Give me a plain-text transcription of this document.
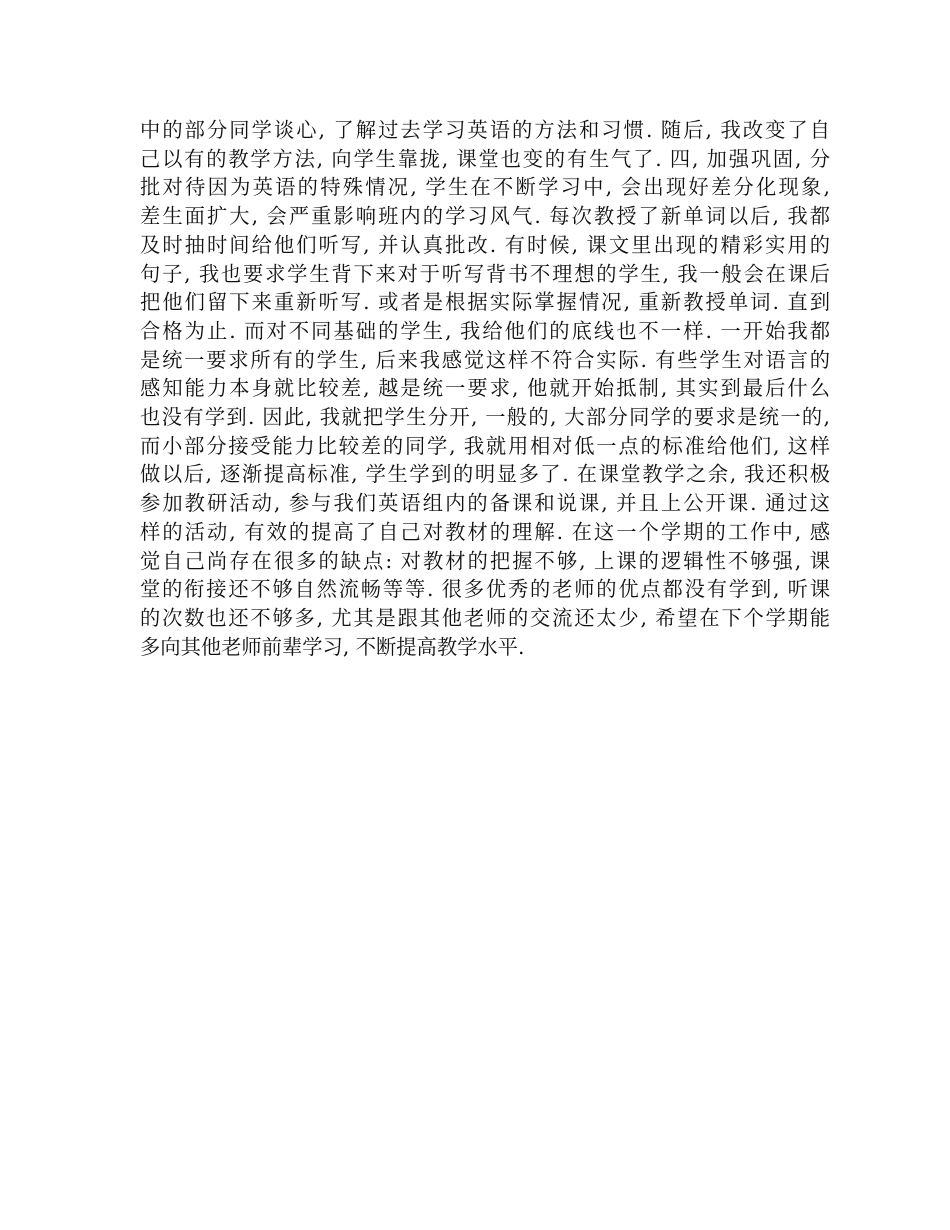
中的部分同学谈心, 了解过去学习英语的方法和习惯. 随后, 我改变了自
己以有的教学方法, 向学生靠拢, 课堂也变的有生气了. 四, 加强巩固, 分
批对待因为英语的特殊情况, 学生在不断学习中, 会出现好差分化现象,
差生面扩大, 会严重影响班内的学习风气. 每次教授了新单词以后, 我都
及时抽时间给他们听写, 并认真批改. 有时候, 课文里出现的精彩实用的
句子, 我也要求学生背下来对于听写背书不理想的学生, 我一般会在课后
把他们留下来重新听写. 或者是根据实际掌握情况, 重新教授单词. 直到
合格为止. 而对不同基础的学生, 我给他们的底线也不一样. 一开始我都
是统一要求所有的学生, 后来我感觉这样不符合实际. 有些学生对语言的
感知能力本身就比较差, 越是统一要求, 他就开始抵制, 其实到最后什么
也没有学到. 因此, 我就把学生分开, 一般的, 大部分同学的要求是统一的,
而小部分接受能力比较差的同学, 我就用相对低一点的标准给他们, 这样
做以后, 逐渐提高标准, 学生学到的明显多了. 在课堂教学之余, 我还积极
参加教研活动, 参与我们英语组内的备课和说课, 并且上公开课. 通过这
样的活动, 有效的提高了自己对教材的理解. 在这一个学期的工作中, 感
觉自己尚存在很多的缺点: 对教材的把握不够, 上课的逻辑性不够强, 课
堂的衔接还不够自然流畅等等. 很多优秀的老师的优点都没有学到, 听课
的次数也还不够多, 尤其是跟其他老师的交流还太少, 希望在下个学期能
多向其他老师前辈学习, 不断提高教学水平.
